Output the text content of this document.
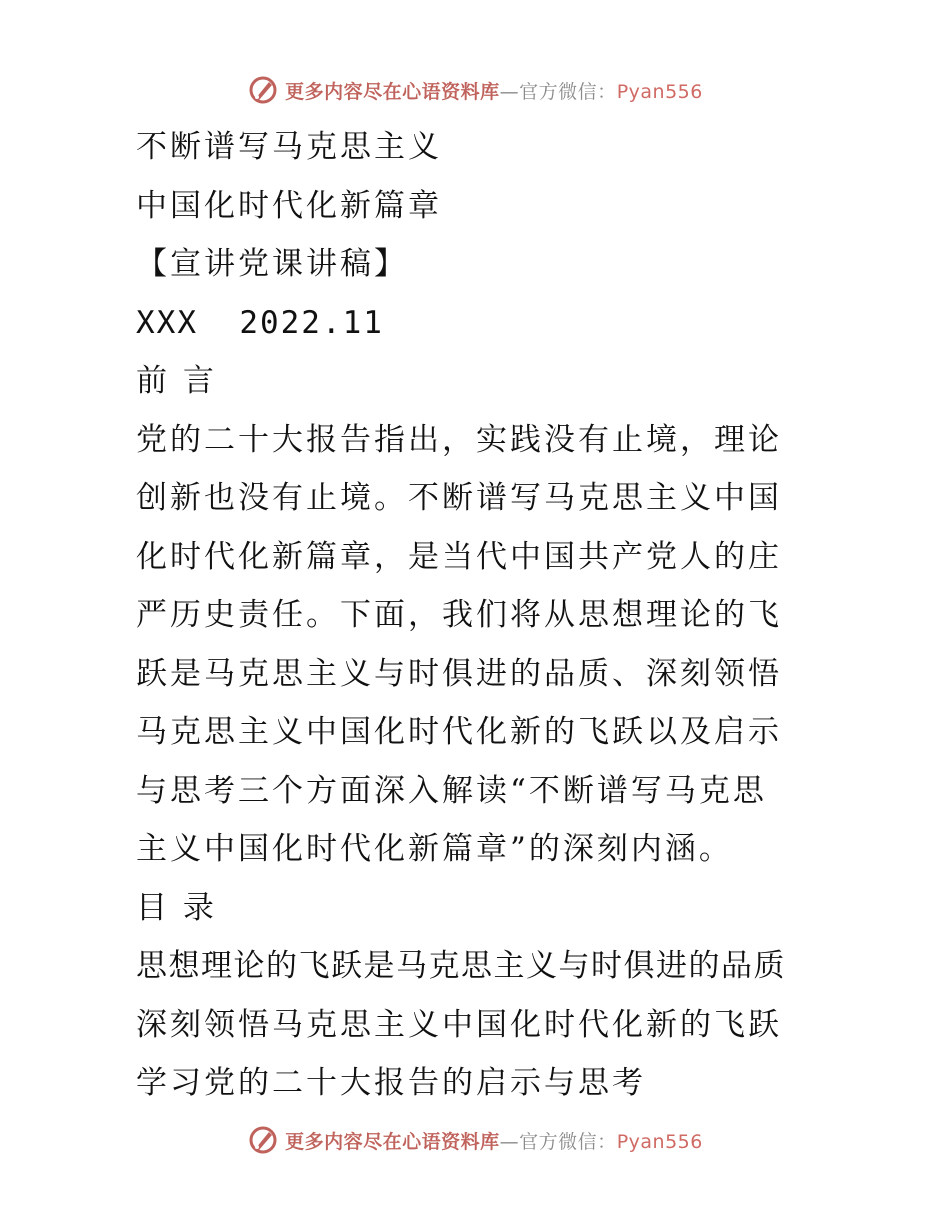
更多内容尽在心语资料库—官方微信：Pyan556
不断谱写马克思主义
中国化时代化新篇章
【宣讲党课讲稿】
XXX  2022.11
前 言
党的二十大报告指出，实践没有止境，理论
创新也没有止境。不断谱写马克思主义中国
化时代化新篇章，是当代中国共产党人的庄
严历史责任。下面，我们将从思想理论的飞
跃是马克思主义与时俱进的品质、深刻领悟
马克思主义中国化时代化新的飞跃以及启示
与思考三个方面深入解读“不断谱写马克思
主义中国化时代化新篇章”的深刻内涵。
目 录
思想理论的飞跃是马克思主义与时俱进的品质
深刻领悟马克思主义中国化时代化新的飞跃
学习党的二十大报告的启示与思考
更多内容尽在心语资料库—官方微信：Pyan556
